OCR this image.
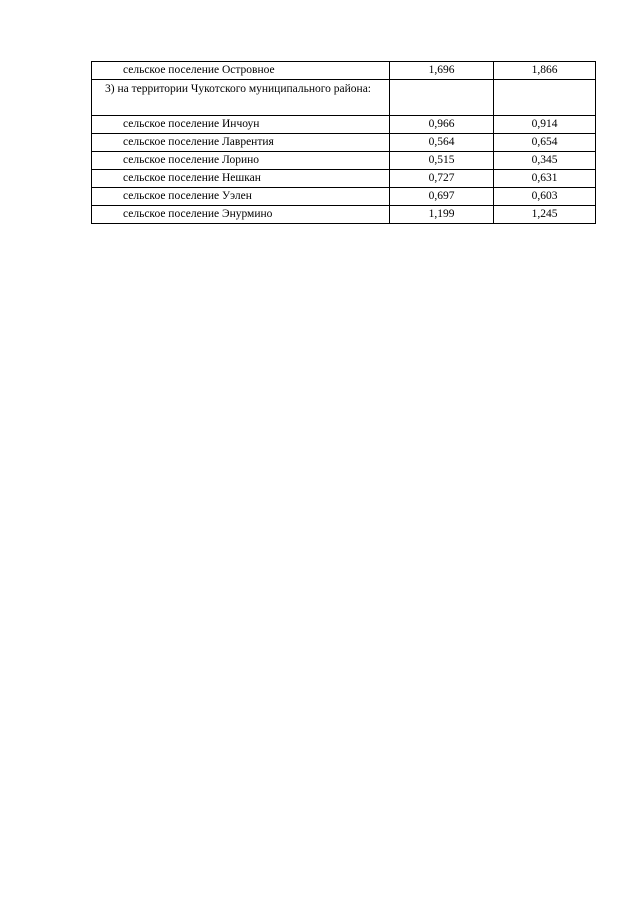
сельское поселение Островное	1,696	1,866

3) на территории Чукотского муниципального района:		

сельское поселение Инчоун	0,966	0,914

сельское поселение Лаврентия	0,564	0,654

сельское поселение Лорино	0,515	0,345

сельское поселение Нешкан	0,727	0,631

сельское поселение Уэлен	0,697	0,603

сельское поселение Энурмино	1,199	1,245
